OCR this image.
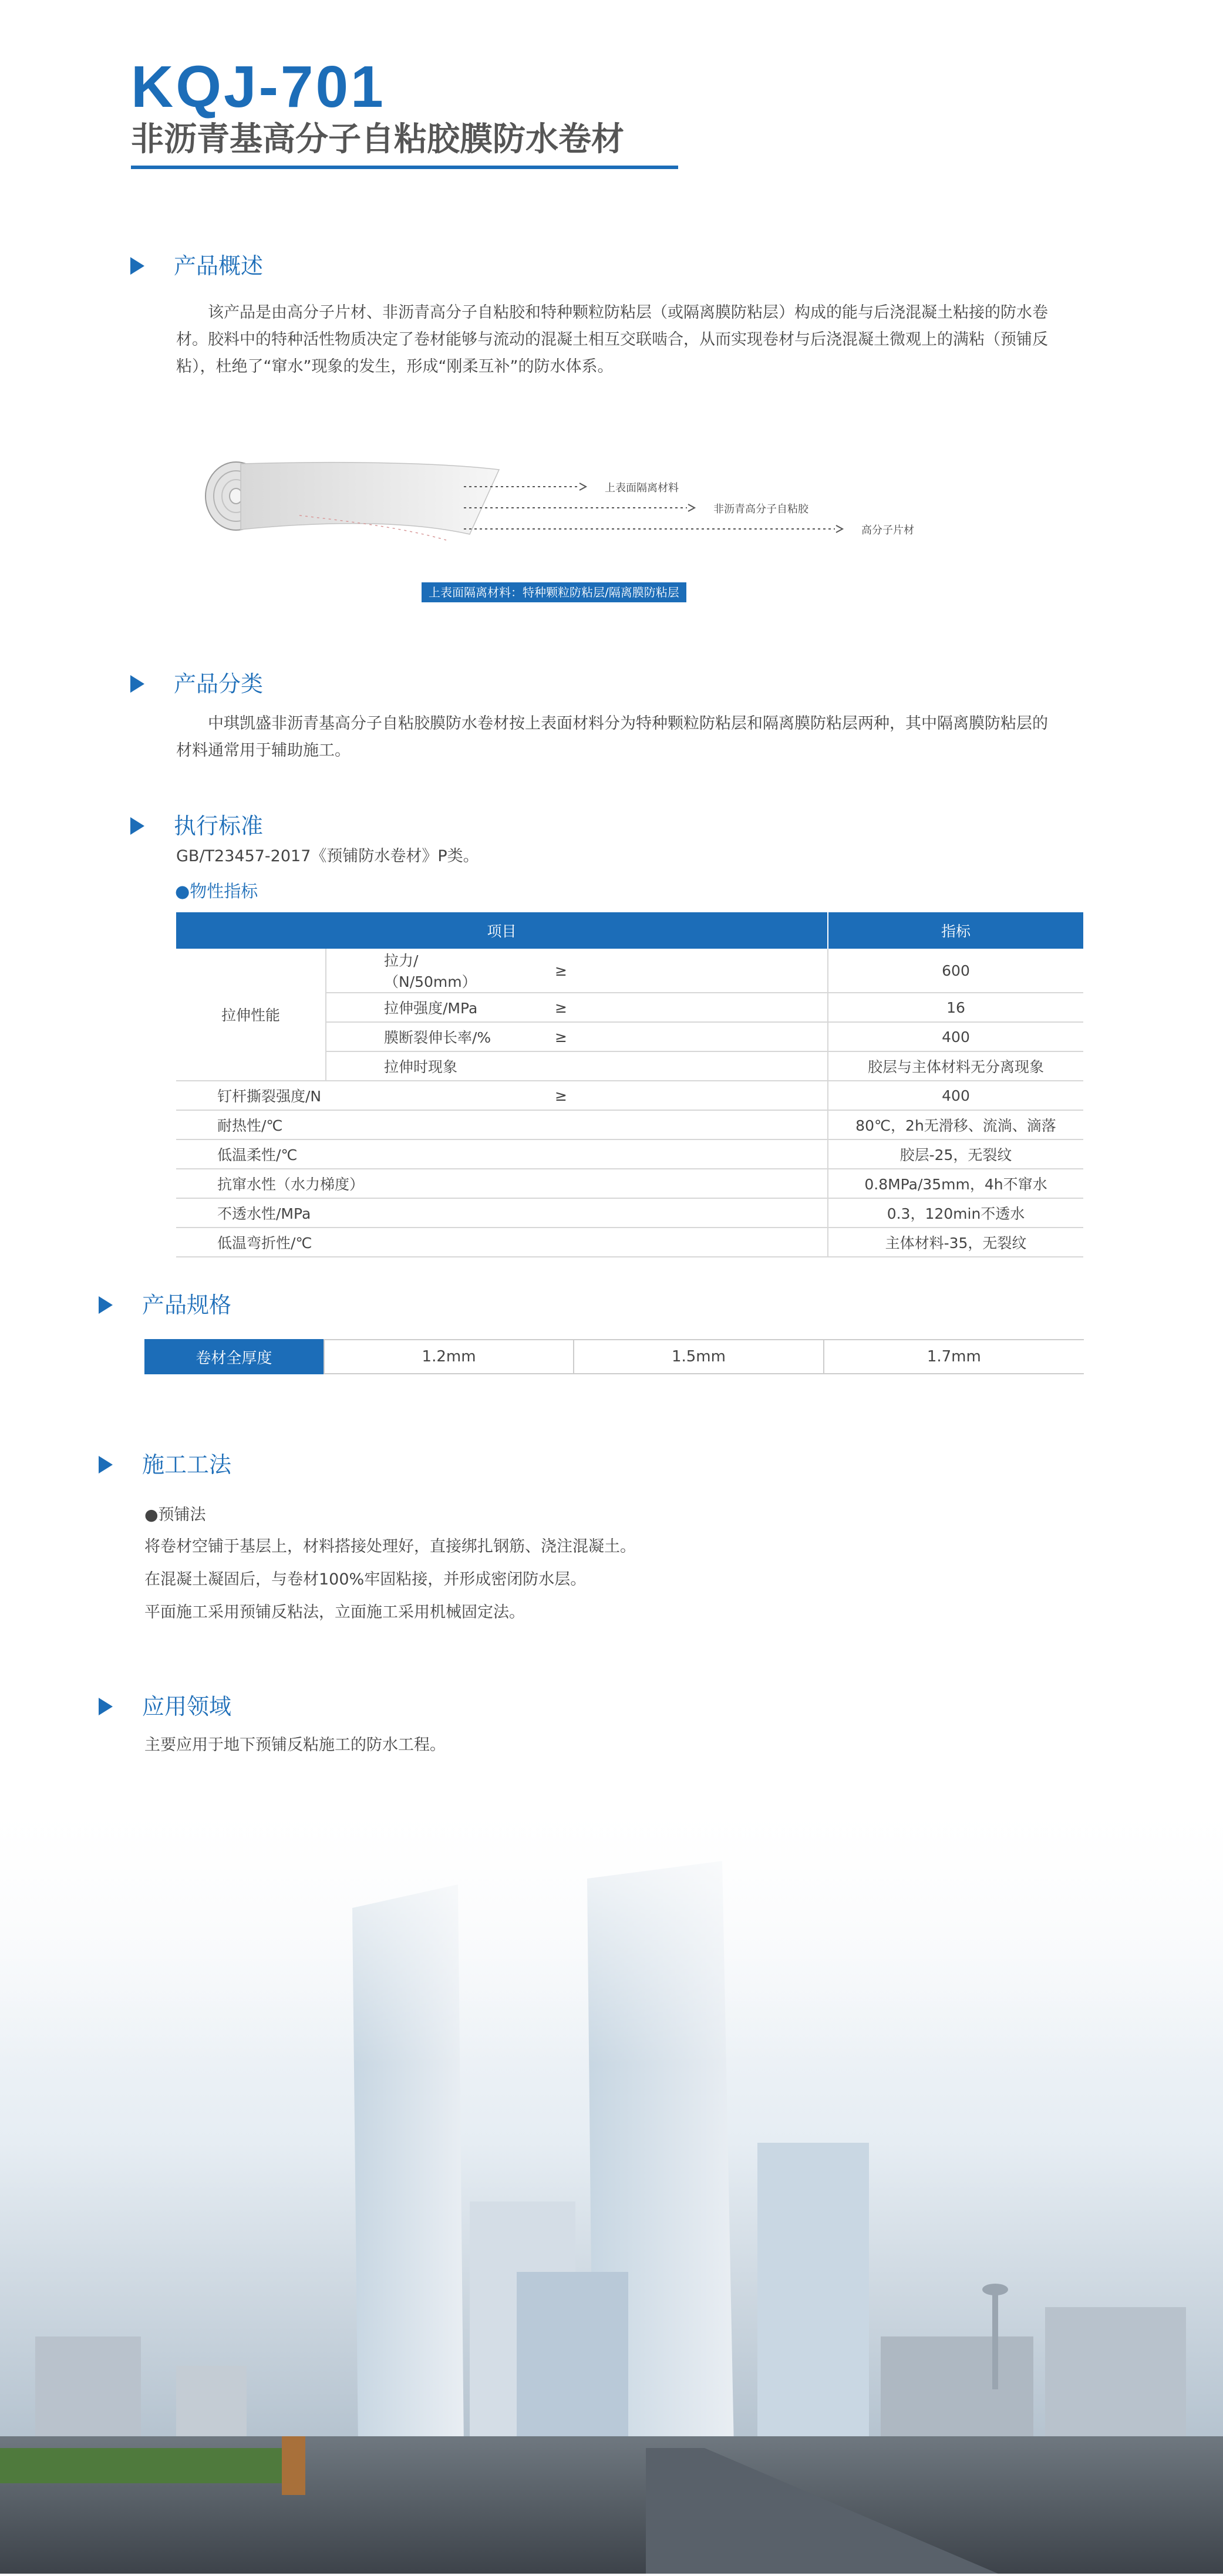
KQJ-701
非沥青基高分子自粘胶膜防水卷材
产品概述
该产品是由高分子片材、非沥青高分子自粘胶和特种颗粒防粘层（或隔离膜防粘层）构成的能与后浇混凝土粘接的防水卷材。胶料中的特种活性物质决定了卷材能够与流动的混凝土相互交联啮合，从而实现卷材与后浇混凝土微观上的满粘（预铺反粘），杜绝了“窜水”现象的发生，形成“刚柔互补”的防水体系。
上表面隔离材料
非沥青高分子自粘胶
高分子片材
上表面隔离材料：特种颗粒防粘层/隔离膜防粘层
产品分类
中琪凯盛非沥青基高分子自粘胶膜防水卷材按上表面材料分为特种颗粒防粘层和隔离膜防粘层两种，其中隔离膜防粘层的材料通常用于辅助施工。
执行标准
GB/T23457-2017《预铺防水卷材》P类。
●物性指标
项目			指标
拉伸性能	拉力/（N/50mm）	≥	600
	拉伸强度/MPa	≥	16
	膜断裂伸长率/%	≥	400
	拉伸时现象		胶层与主体材料无分离现象
钉杆撕裂强度/N		≥	400
耐热性/℃			80℃，2h无滑移、流淌、滴落
低温柔性/℃			胶层-25，无裂纹
抗窜水性（水力梯度）			0.8MPa/35mm，4h不窜水
不透水性/MPa			0.3，120min不透水
低温弯折性/℃			主体材料-35，无裂纹
产品规格
卷材全厚度	1.2mm	1.5mm	1.7mm
施工工法
●预铺法
将卷材空铺于基层上，材料搭接处理好，直接绑扎钢筋、浇注混凝土。
在混凝土凝固后，与卷材100%牢固粘接，并形成密闭防水层。
平面施工采用预铺反粘法，立面施工采用机械固定法。
应用领域
主要应用于地下预铺反粘施工的防水工程。
